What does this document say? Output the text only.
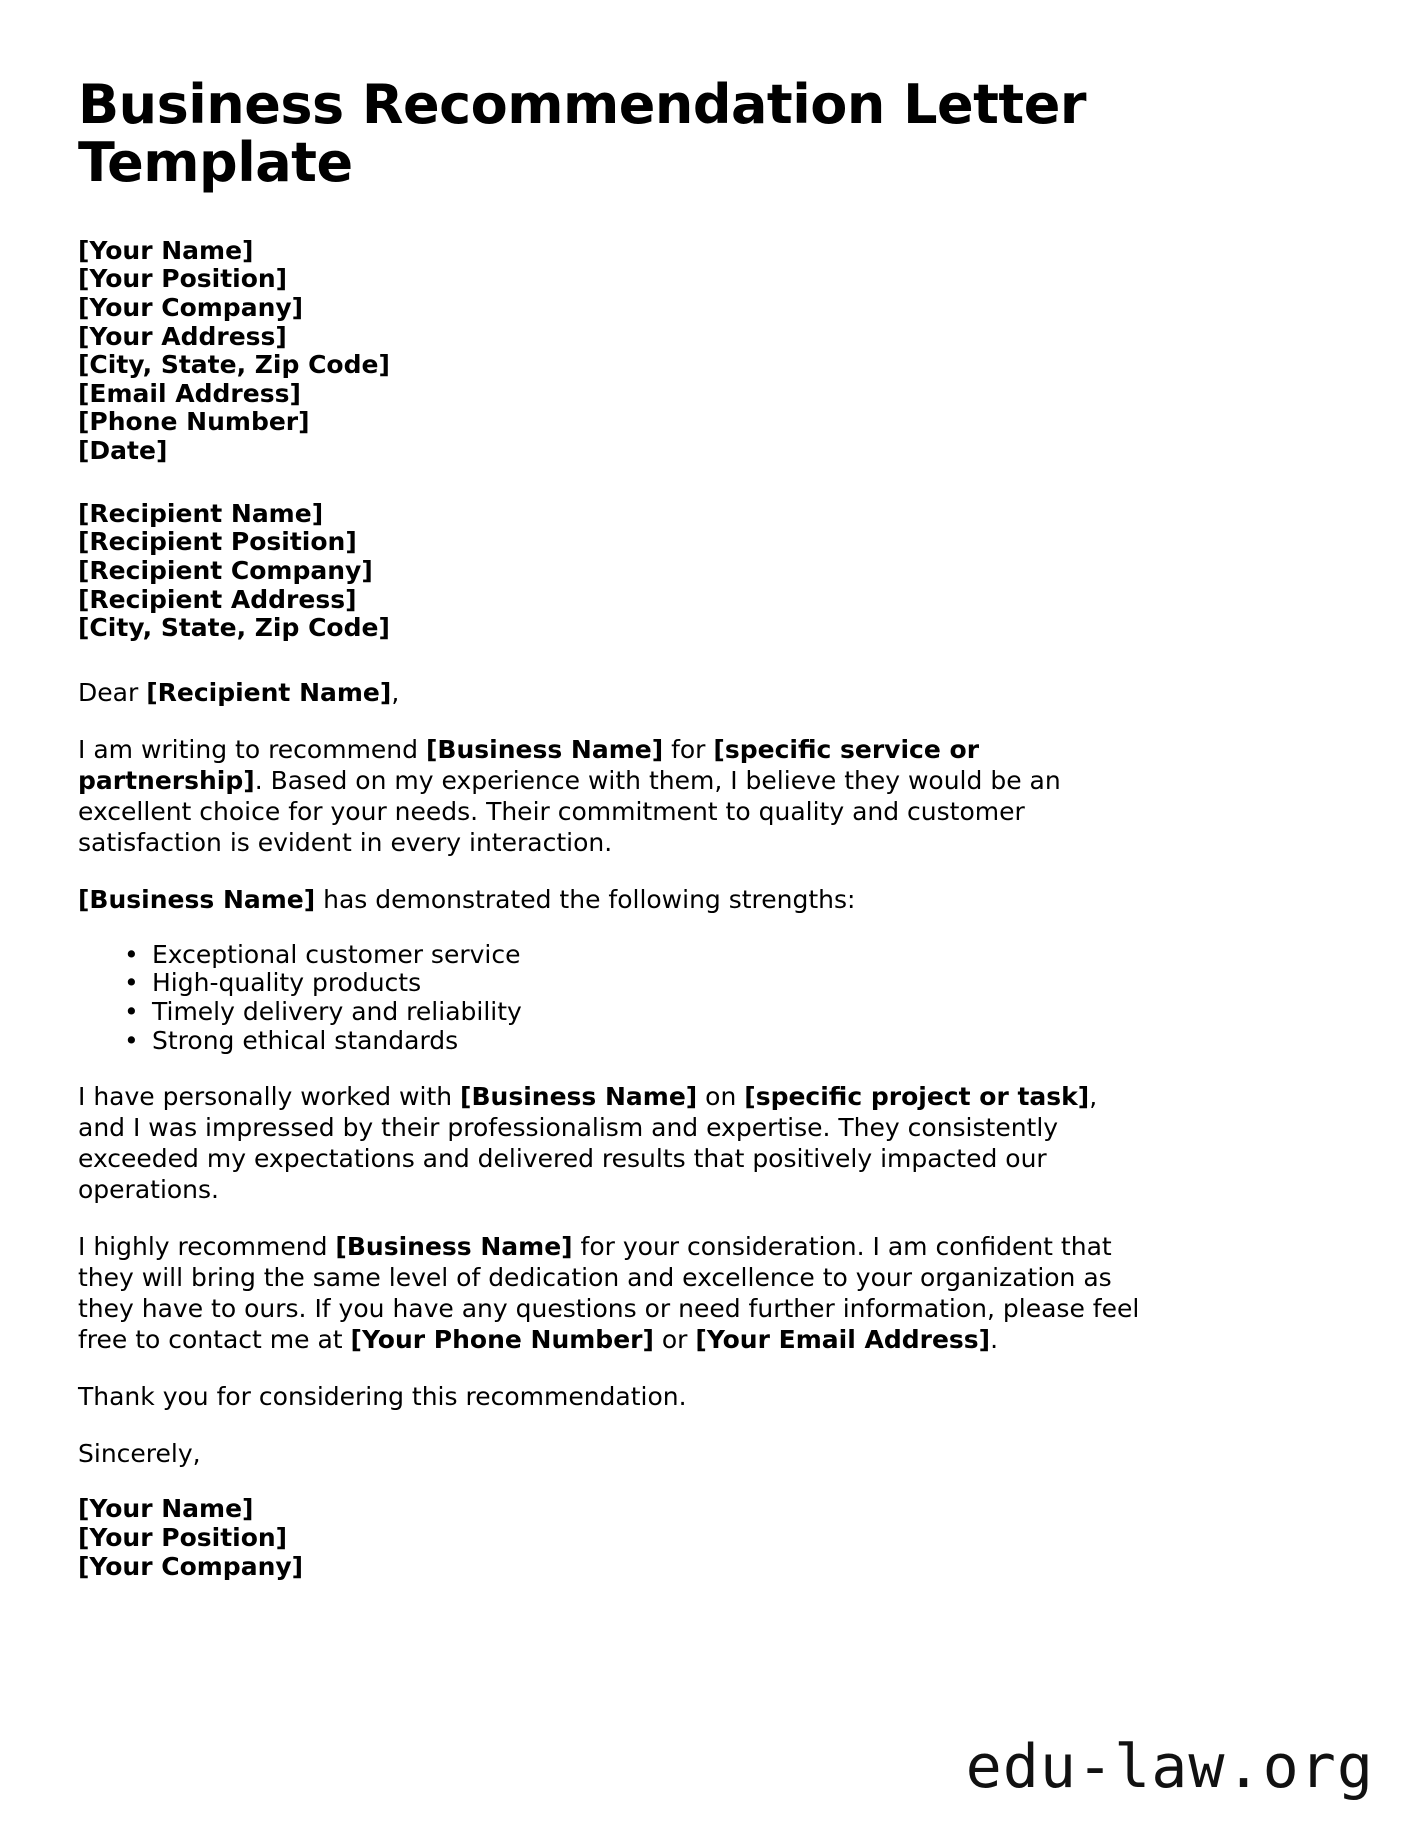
Business Recommendation Letter Template
[Your Name]
[Your Position]
[Your Company]
[Your Address]
[City, State, Zip Code]
[Email Address]
[Phone Number]
[Date]
[Recipient Name]
[Recipient Position]
[Recipient Company]
[Recipient Address]
[City, State, Zip Code]

Dear [Recipient Name],

I am writing to recommend [Business Name] for [specific service or partnership]. Based on my experience with them, I believe they would be an excellent choice for your needs. Their commitment to quality and customer satisfaction is evident in every interaction.

[Business Name] has demonstrated the following strengths:

• Exceptional customer service
• High-quality products
• Timely delivery and reliability
• Strong ethical standards

I have personally worked with [Business Name] on [specific project or task], and I was impressed by their professionalism and expertise. They consistently exceeded my expectations and delivered results that positively impacted our operations.

I highly recommend [Business Name] for your consideration. I am confident that they will bring the same level of dedication and excellence to your organization as they have to ours. If you have any questions or need further information, please feel free to contact me at [Your Phone Number] or [Your Email Address].

Thank you for considering this recommendation.

Sincerely,

[Your Name]
[Your Position]
[Your Company]
edu-law.org
